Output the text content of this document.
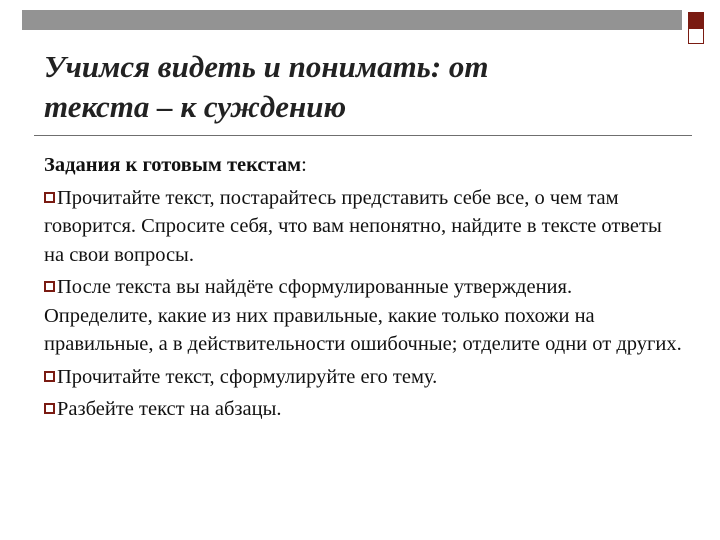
Учимся видеть и понимать: от
текста – к суждению
Задания к готовым текстам:
Прочитайте текст, постарайтесь представить себе все, о чем там говорится. Спросите себя, что вам непонятно, найдите в тексте ответы на свои вопросы.
После текста вы найдёте сформулированные утверждения. Определите, какие из них правильные, какие только похожи на правильные, а в действительности ошибочные; отделите одни от других.
Прочитайте текст, сформулируйте его тему.
Разбейте текст на абзацы.
